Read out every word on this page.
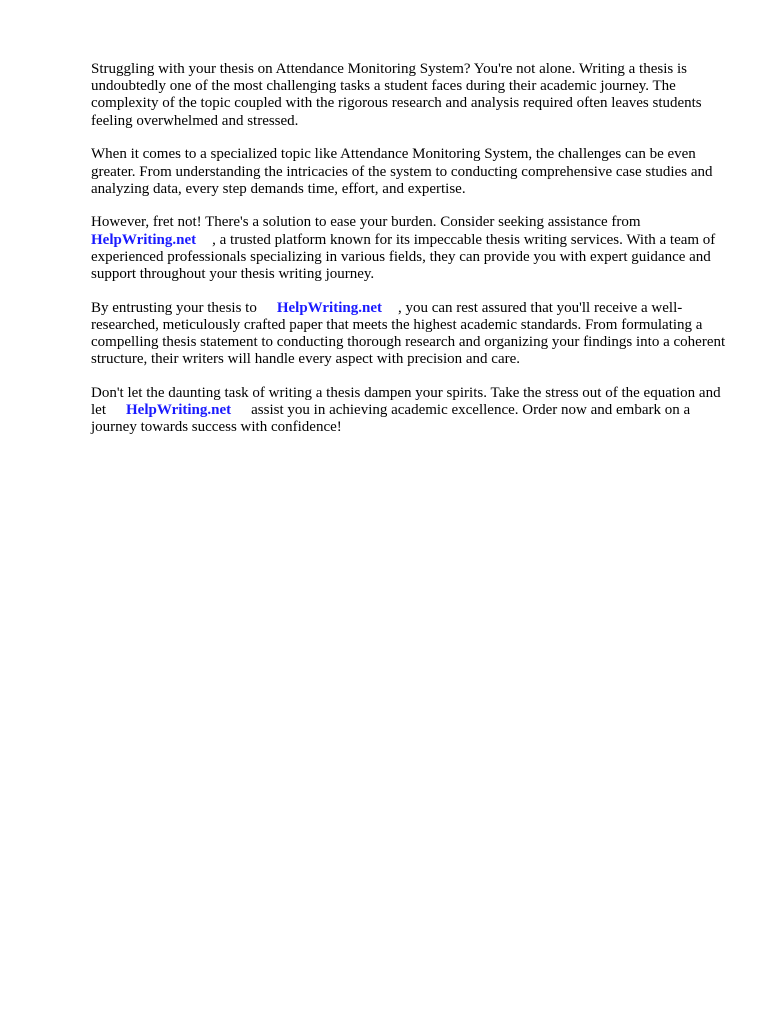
Struggling with your thesis on Attendance Monitoring System? You're not alone. Writing a thesis is undoubtedly one of the most challenging tasks a student faces during their academic journey. The complexity of the topic coupled with the rigorous research and analysis required often leaves students feeling overwhelmed and stressed.

When it comes to a specialized topic like Attendance Monitoring System, the challenges can be even greater. From understanding the intricacies of the system to conducting comprehensive case studies and analyzing data, every step demands time, effort, and expertise.

However, fret not! There's a solution to ease your burden. Consider seeking assistance from HelpWriting.net , a trusted platform known for its impeccable thesis writing services. With a team of experienced professionals specializing in various fields, they can provide you with expert guidance and support throughout your thesis writing journey.

By entrusting your thesis to HelpWriting.net , you can rest assured that you'll receive a well-researched, meticulously crafted paper that meets the highest academic standards. From formulating a compelling thesis statement to conducting thorough research and organizing your findings into a coherent structure, their writers will handle every aspect with precision and care.

Don't let the daunting task of writing a thesis dampen your spirits. Take the stress out of the equation and let HelpWriting.net assist you in achieving academic excellence. Order now and embark on a journey towards success with confidence!
